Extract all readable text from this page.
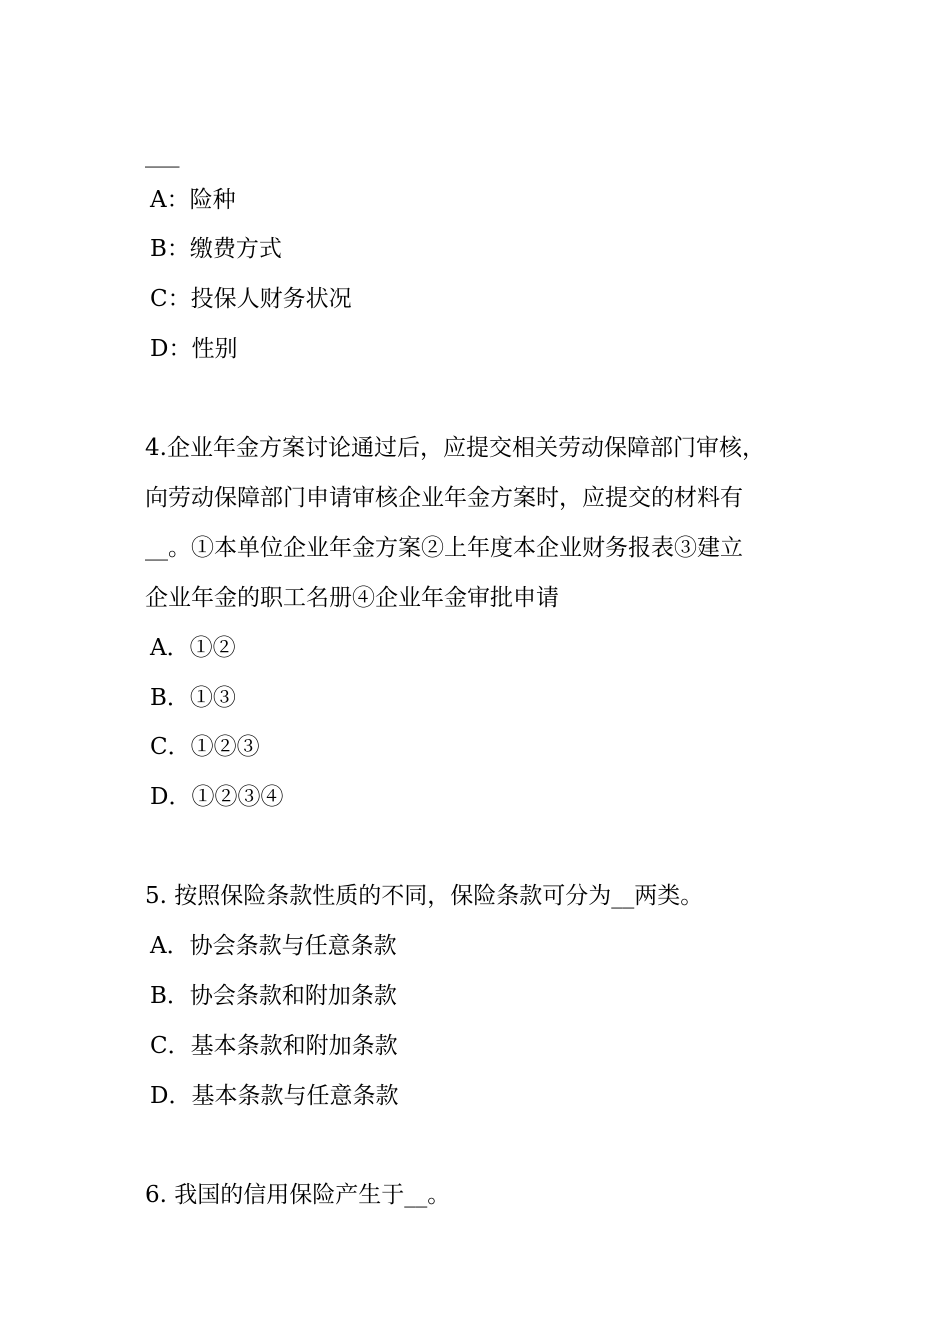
___
A：险种
B：缴费方式
C：投保人财务状况
D：性别
4.企业年金方案讨论通过后，应提交相关劳动保障部门审核，
向劳动保障部门申请审核企业年金方案时，应提交的材料有
__。①本单位企业年金方案②上年度本企业财务报表③建立
企业年金的职工名册④企业年金审批申请
A．①②
B．①③
C．①②③
D．①②③④
5. 按照保险条款性质的不同，保险条款可分为__两类。
A．协会条款与任意条款
B．协会条款和附加条款
C．基本条款和附加条款
D．基本条款与任意条款
6. 我国的信用保险产生于__。
